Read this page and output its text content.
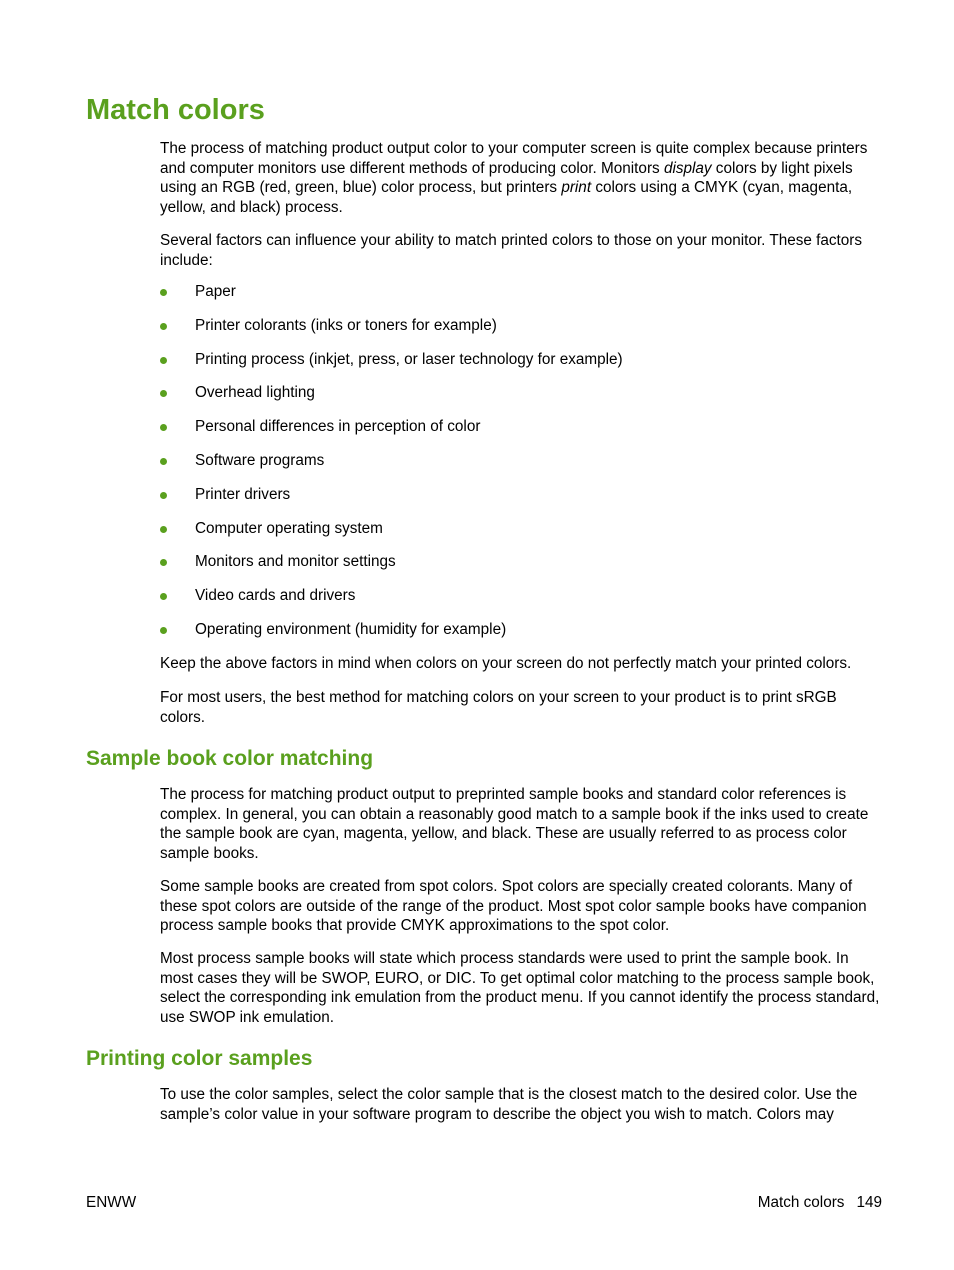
Match colors

The process of matching product output color to your computer screen is quite complex because printers and computer monitors use different methods of producing color. Monitors display colors by light pixels using an RGB (red, green, blue) color process, but printers print colors using a CMYK (cyan, magenta, yellow, and black) process.

Several factors can influence your ability to match printed colors to those on your monitor. These factors include:

Paper
Printer colorants (inks or toners for example)
Printing process (inkjet, press, or laser technology for example)
Overhead lighting
Personal differences in perception of color
Software programs
Printer drivers
Computer operating system
Monitors and monitor settings
Video cards and drivers
Operating environment (humidity for example)

Keep the above factors in mind when colors on your screen do not perfectly match your printed colors.

For most users, the best method for matching colors on your screen to your product is to print sRGB colors.

Sample book color matching

The process for matching product output to preprinted sample books and standard color references is complex. In general, you can obtain a reasonably good match to a sample book if the inks used to create the sample book are cyan, magenta, yellow, and black. These are usually referred to as process color sample books.

Some sample books are created from spot colors. Spot colors are specially created colorants. Many of these spot colors are outside of the range of the product. Most spot color sample books have companion process sample books that provide CMYK approximations to the spot color.

Most process sample books will state which process standards were used to print the sample book. In most cases they will be SWOP, EURO, or DIC. To get optimal color matching to the process sample book, select the corresponding ink emulation from the product menu. If you cannot identify the process standard, use SWOP ink emulation.

Printing color samples

To use the color samples, select the color sample that is the closest match to the desired color. Use the sample’s color value in your software program to describe the object you wish to match. Colors may

ENWW	Match colors 149
